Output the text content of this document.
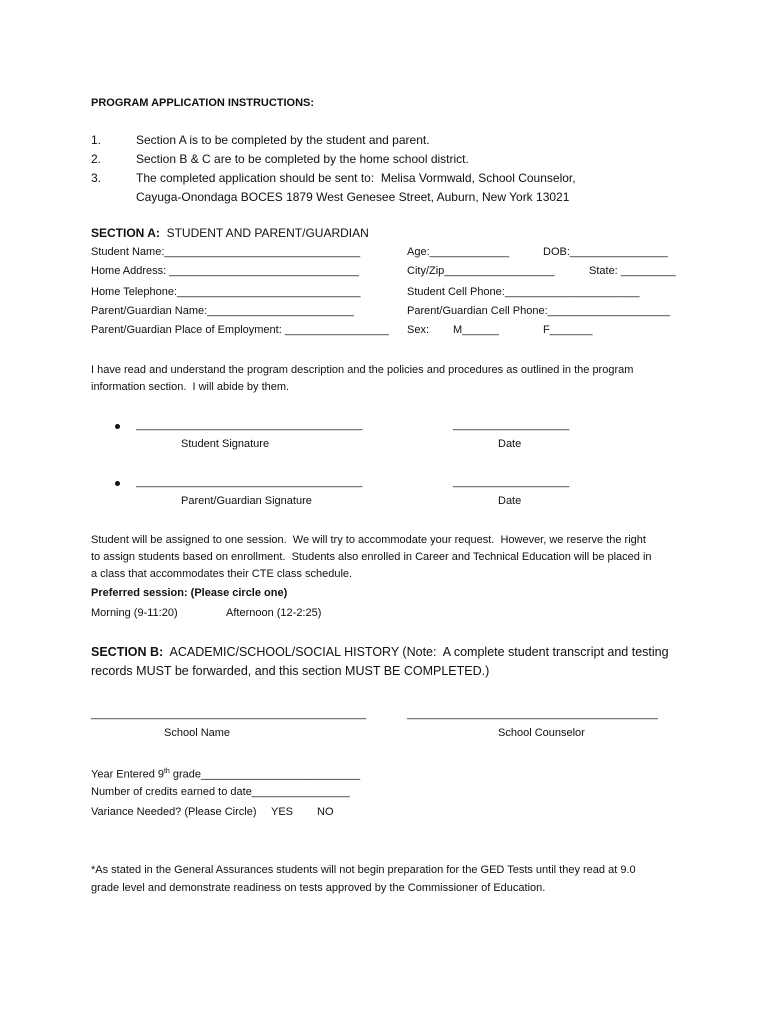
PROGRAM APPLICATION INSTRUCTIONS:
1.	Section A is to be completed by the student and parent.
2.	Section B & C are to be completed by the home school district.
3.	The completed application should be sent to:  Melisa Vormwald, School Counselor,
Cayuga-Onondaga BOCES 1879 West Genesee Street, Auburn, New York 13021
SECTION A: STUDENT AND PARENT/GUARDIAN
Student Name:________________________________	Age:_____________	DOB:________________
Home Address: _______________________________	City/Zip__________________	State: _________
Home Telephone:______________________________	Student Cell Phone:______________________
Parent/Guardian Name:________________________	Parent/Guardian Cell Phone:____________________
Parent/Guardian Place of Employment: _________________ Sex: M______	F_______
I have read and understand the program description and the policies and procedures as outlined in the program
information section.  I will abide by them.
_____________________________________	___________________
Student Signature	Date
_____________________________________	___________________
Parent/Guardian Signature	Date
Student will be assigned to one session.  We will try to accommodate your request.  However, we reserve the right
to assign students based on enrollment.  Students also enrolled in Career and Technical Education will be placed in
a class that accommodates their CTE class schedule.
Preferred session: (Please circle one)
Morning (9-11:20)	Afternoon (12-2:25)
SECTION B: ACADEMIC/SCHOOL/SOCIAL HISTORY (Note:  A complete student transcript and testing
records MUST be forwarded, and this section MUST BE COMPLETED.)
_____________________________________________	_________________________________________
School Name	School Counselor
Year Entered 9th grade__________________________
Number of credits earned to date________________
Variance Needed? (Please Circle) YES NO
*As stated in the General Assurances students will not begin preparation for the GED Tests until they read at 9.0
grade level and demonstrate readiness on tests approved by the Commissioner of Education.
